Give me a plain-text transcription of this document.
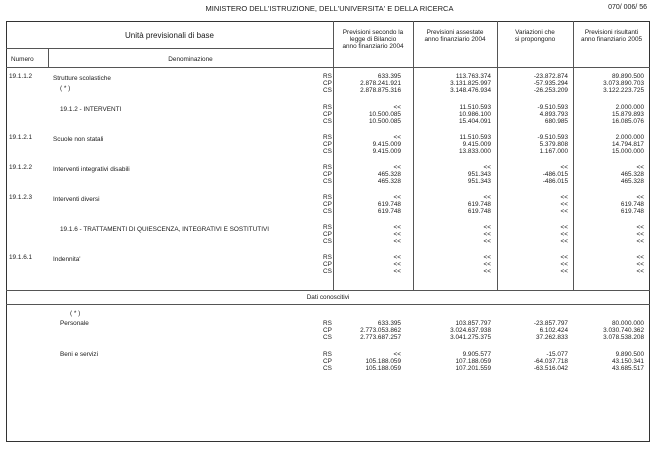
MINISTERO DELL'ISTRUZIONE, DELL'UNIVERSITA' E DELLA RICERCA	070/ 006/ 56
Unità previsionali di base
Numero	Denominazione
Previsioni secondo la
legge di Bilancio
anno finanziario 2004
Previsioni assestate
anno finanziario 2004
Variazioni che
si propongono
Previsioni risultanti
anno finanziario 2005
19.1.1.2	Strutture scolastiche
( * )
RS	633.395	113.763.374	-23.872.874	89.890.500
CP	2.878.241.921	3.131.825.997	-57.935.294	3.073.890.703
CS	2.878.875.316	3.148.476.934	-26.253.209	3.122.223.725
19.1.2 - INTERVENTI	RS	<<	11.510.593	-9.510.593	2.000.000
CP	10.500.085	10.986.100	4.893.793	15.879.893
CS	10.500.085	15.404.091	680.985	16.085.076
19.1.2.1	Scuole non statali	RS	<<	11.510.593	-9.510.593	2.000.000
CP	9.415.009	9.415.009	5.379.808	14.794.817
CS	9.415.009	13.833.000	1.167.000	15.000.000
19.1.2.2	Interventi integrativi disabili	RS	<<	<<	<<	<<
CP	465.328	951.343	-486.015	465.328
CS	465.328	951.343	-486.015	465.328
19.1.2.3	Interventi diversi	RS	<<	<<	<<	<<
CP	619.748	619.748	<<	619.748
CS	619.748	619.748	<<	619.748
19.1.6 - TRATTAMENTI DI QUIESCENZA, INTEGRATIVI E SOSTITUTIVI	RS	<<	<<	<<	<<
CP	<<	<<	<<	<<
CS	<<	<<	<<	<<
19.1.6.1	Indennita'	RS	<<	<<	<<	<<
CP	<<	<<	<<	<<
CS	<<	<<	<<	<<
Dati conoscitivi
( * )
Personale	RS	633.395	103.857.797	-23.857.797	80.000.000
CP	2.773.053.862	3.024.637.938	6.102.424	3.030.740.362
CS	2.773.687.257	3.041.275.375	37.262.833	3.078.538.208
Beni e servizi	RS	<<	9.905.577	-15.077	9.890.500
CP	105.188.059	107.188.059	-64.037.718	43.150.341
CS	105.188.059	107.201.559	-63.516.042	43.685.517
